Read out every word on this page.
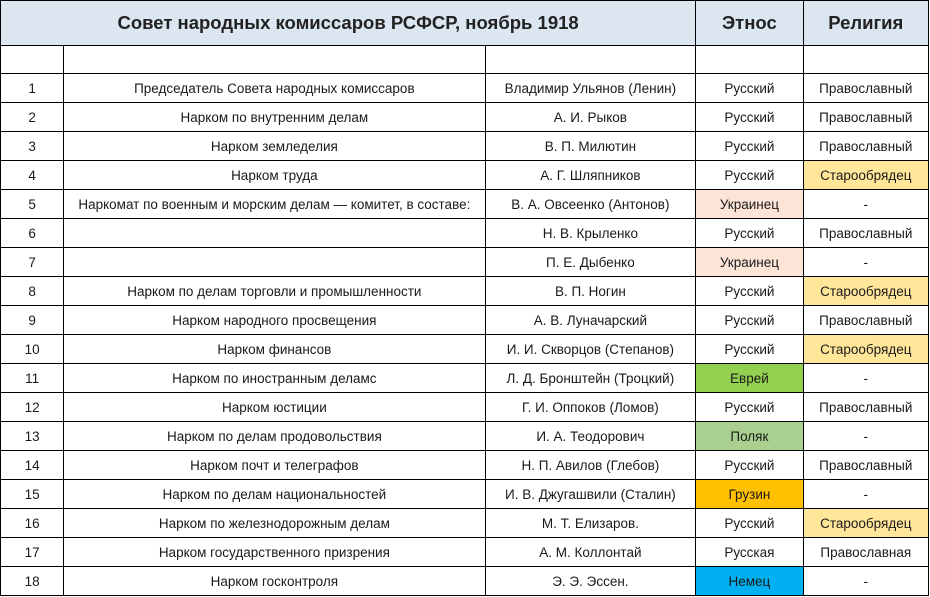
Совет народных комиссаров РСФСР, ноябрь 1918			Этнос	Религия

1	Председатель Совета народных комиссаров	Владимир Ульянов (Ленин)	Русский	Православный
2	Нарком по внутренним делам	А. И. Рыков	Русский	Православный
3	Нарком земледелия	В. П. Милютин	Русский	Православный
4	Нарком труда	А. Г. Шляпников	Русский	Старообрядец
5	Наркомат по военным и морским делам — комитет, в составе:	В. А. Овсеенко (Антонов)	Украинец	-
6		Н. В. Крыленко	Русский	Православный
7		П. Е. Дыбенко	Украинец	-
8	Нарком по делам торговли и промышленности	В. П. Ногин	Русский	Старообрядец
9	Нарком народного просвещения	А. В. Луначарский	Русский	Православный
10	Нарком финансов	И. И. Скворцов (Степанов)	Русский	Старообрядец
11	Нарком по иностранным деламс	Л. Д. Бронштейн (Троцкий)	Еврей	-
12	Нарком юстиции	Г. И. Оппоков (Ломов)	Русский	Православный
13	Нарком по делам продовольствия	И. А. Теодорович	Поляк	-
14	Нарком почт и телеграфов	Н. П. Авилов (Глебов)	Русский	Православный
15	Нарком по делам национальностей	И. В. Джугашвили (Сталин)	Грузин	-
16	Нарком по железнодорожным делам	М. Т. Елизаров.	Русский	Старообрядец
17	Нарком государственного призрения	А. М. Коллонтай	Русская	Православная
18	Нарком госконтроля	Э. Э. Эссен.	Немец	-
